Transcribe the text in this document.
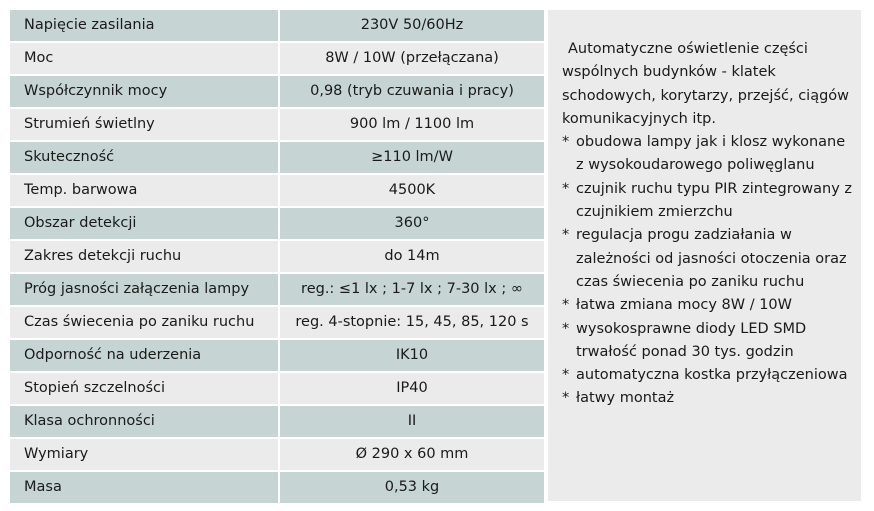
Napięcie zasilania	230V 50/60Hz
Moc	8W / 10W (przełączana)
Współczynnik mocy	0,98 (tryb czuwania i pracy)
Strumień świetlny	900 lm / 1100 lm
Skuteczność	≥110 lm/W
Temp. barwowa	4500K
Obszar detekcji	360°
Zakres detekcji ruchu	do 14m
Próg jasności załączenia lampy	reg.: ≤1 lx ; 1-7 lx ; 7-30 lx ; ∞
Czas świecenia po zaniku ruchu	reg. 4-stopnie: 15, 45, 85, 120 s
Odporność na uderzenia	IK10
Stopień szczelności	IP40
Klasa ochronności	II
Wymiary	Ø 290 x 60 mm
Masa	0,53 kg

Automatyczne oświetlenie części wspólnych budynków - klatek schodowych, korytarzy, przejść, ciągów komunikacyjnych itp.

* obudowa lampy jak i klosz wykonane z wysokoudarowego poliwęglanu
* czujnik ruchu typu PIR zintegrowany z czujnikiem zmierzchu
* regulacja progu zadziałania w zależności od jasności otoczenia oraz czas świecenia po zaniku ruchu
* łatwa zmiana mocy 8W / 10W
* wysokosprawne diody LED SMD trwałość ponad 30 tys. godzin
* automatyczna kostka przyłączeniowa
* łatwy montaż
